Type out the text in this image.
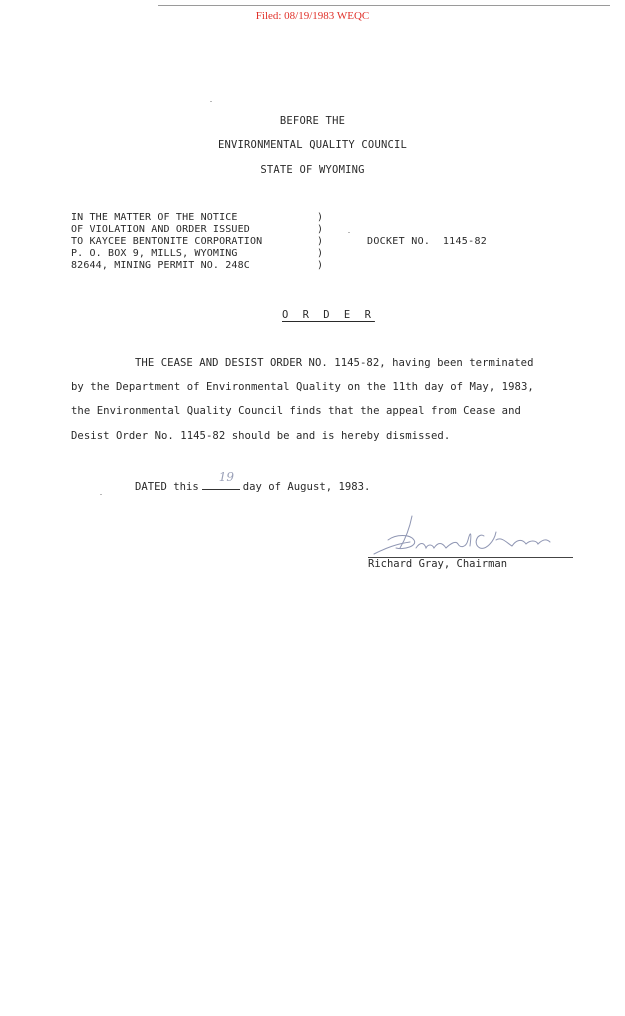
Filed: 08/19/1983 WEQC
BEFORE THE
ENVIRONMENTAL QUALITY COUNCIL
STATE OF WYOMING
IN THE MATTER OF THE NOTICE
OF VIOLATION AND ORDER ISSUED
TO KAYCEE BENTONITE CORPORATION
P. O. BOX 9, MILLS, WYOMING
82644, MINING PERMIT NO. 248C
)
)
)
)
)
DOCKET NO.  1145-82
O R D E R
THE CEASE AND DESIST ORDER NO. 1145-82, having been terminated
by the Department of Environmental Quality on the 11th day of May, 1983,
the Environmental Quality Council finds that the appeal from Cease and
Desist Order No. 1145-82 should be and is hereby dismissed.
DATED this
19
day of August, 1983.
Richard Gray, Chairman
